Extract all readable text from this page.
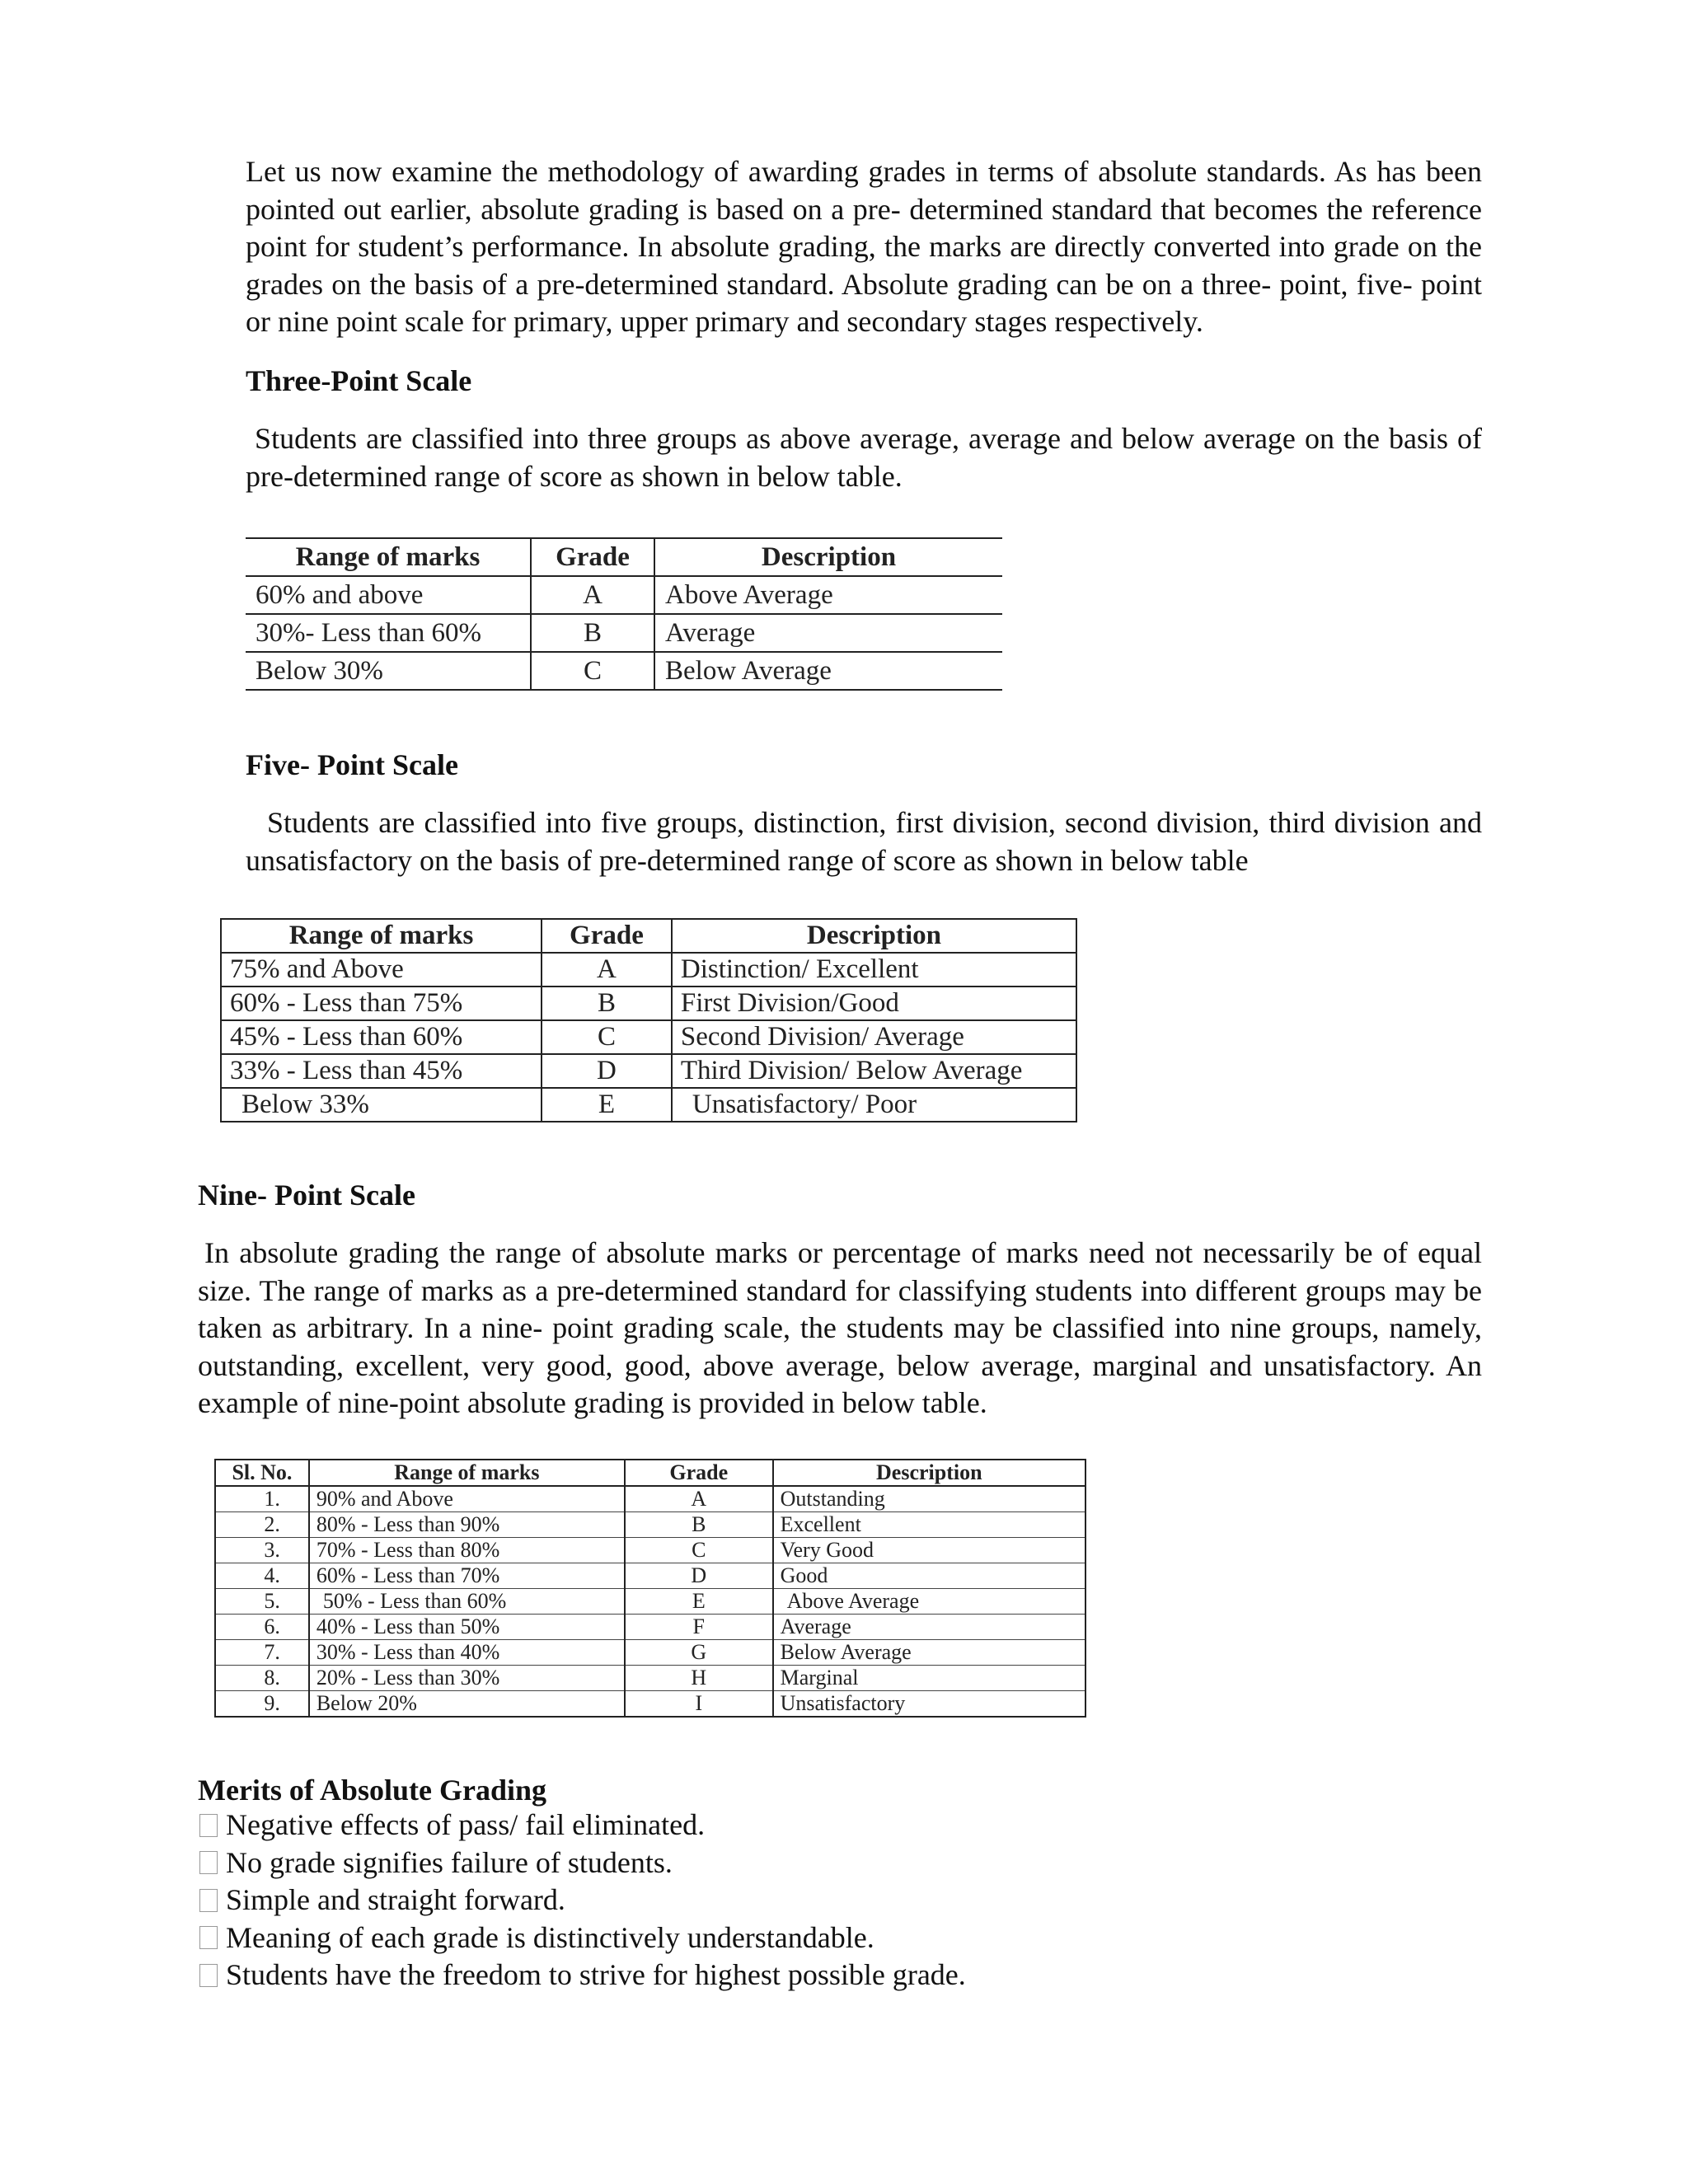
Let us now examine the methodology of awarding grades in terms of absolute standards. As has been pointed out earlier, absolute grading is based on a pre- determined standard that becomes the reference point for student’s performance. In absolute grading, the marks are directly converted into grade on the grades on the basis of a pre-determined standard. Absolute grading can be on a three- point, five- point or nine point scale for primary, upper primary and secondary stages respectively.

Three-Point Scale

Students are classified into three groups as above average, average and below average on the basis of pre-determined range of score as shown in below table.

Range of marks	Grade	Description
60% and above	A	Above Average
30%- Less than 60%	B	Average
Below 30%	C	Below Average

Five- Point Scale

Students are classified into five groups, distinction, first division, second division, third division and unsatisfactory on the basis of pre-determined range of score as shown in below table

Range of marks	Grade	Description
75% and Above	A	Distinction/ Excellent
60% - Less than 75%	B	First Division/Good
45% - Less than 60%	C	Second Division/ Average
33% - Less than 45%	D	Third Division/ Below Average
Below 33%	E	Unsatisfactory/ Poor

Nine- Point Scale

In absolute grading the range of absolute marks or percentage of marks need not necessarily be of equal size. The range of marks as a pre-determined standard for classifying students into different groups may be taken as arbitrary. In a nine- point grading scale, the students may be classified into nine groups, namely, outstanding, excellent, very good, good, above average, below average, marginal and unsatisfactory. An example of nine-point absolute grading is provided in below table.

Sl. No.	Range of marks	Grade	Description
1.	90% and Above	A	Outstanding
2.	80% - Less than 90%	B	Excellent
3.	70% - Less than 80%	C	Very Good
4.	60% - Less than 70%	D	Good
5.	50% - Less than 60%	E	Above Average
6.	40% - Less than 50%	F	Average
7.	30% - Less than 40%	G	Below Average
8.	20% - Less than 30%	H	Marginal
9.	Below 20%	I	Unsatisfactory

Merits of Absolute Grading

Negative effects of pass/ fail eliminated.
No grade signifies failure of students.
Simple and straight forward.
Meaning of each grade is distinctively understandable.
Students have the freedom to strive for highest possible grade.
